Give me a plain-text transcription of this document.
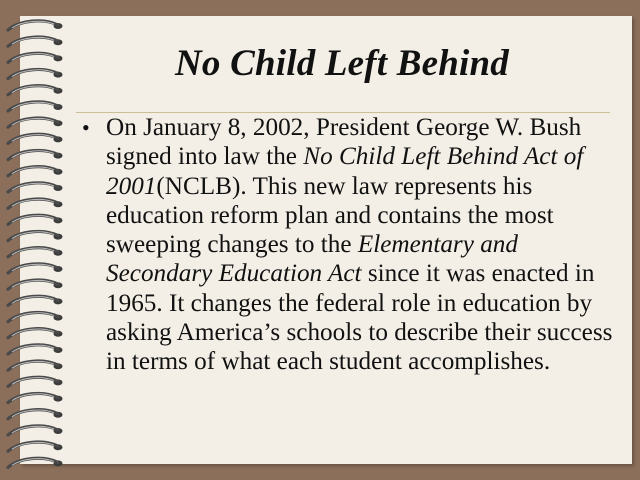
No Child Left Behind
• On January 8, 2002, President George W. Bush signed into law the No Child Left Behind Act of 2001(NCLB). This new law represents his education reform plan and contains the most sweeping changes to the Elementary and Secondary Education Act since it was enacted in 1965. It changes the federal role in education by asking America’s schools to describe their success in terms of what each student accomplishes.
